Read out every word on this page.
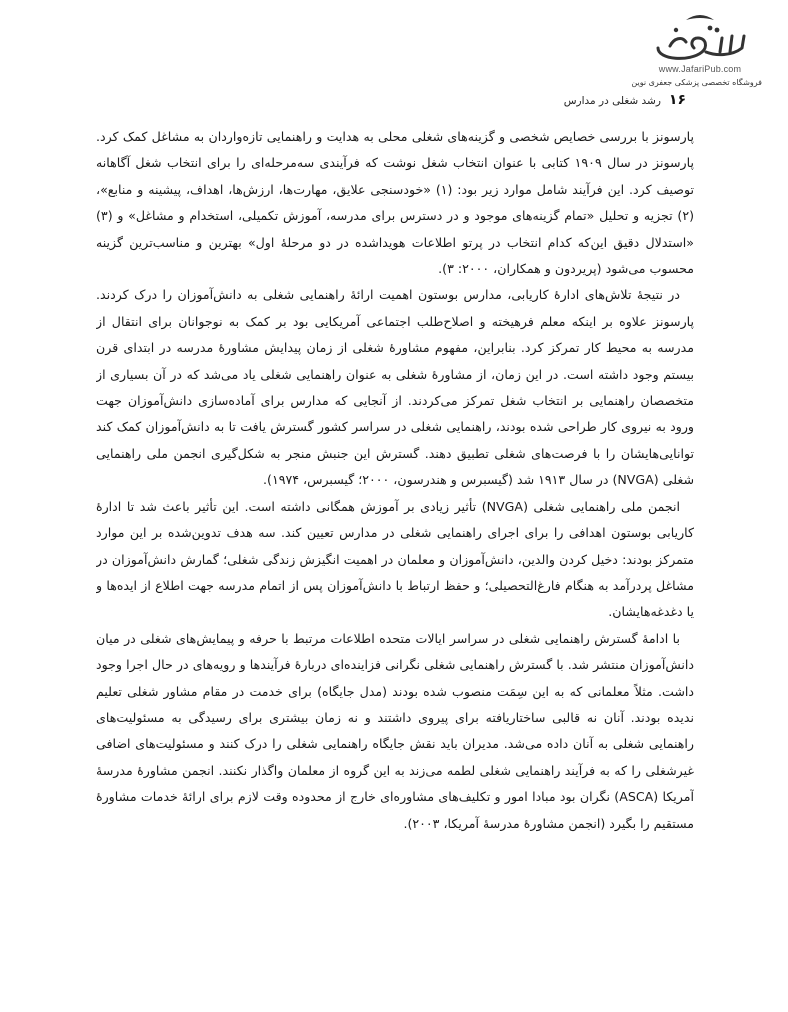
www.JafariPub.com
فروشگاه تخصصی پزشکی جعفری نوین
۱۶
رشد شغلی در مدارس

پارسونز با بررسی خصایص شخصی و گزینه‌های شغلی محلی به هدایت و راهنمایی تازه‌واردان به مشاغل کمک کرد. پارسونز در سال ۱۹۰۹ کتابی با عنوان انتخاب شغل نوشت که فرآیندی سه‌مرحله‌ای را برای انتخاب شغل آگاهانه توصیف کرد. این فرآیند شامل موارد زیر بود: (۱) «خودسنجی علایق، مهارت‌ها، ارزش‌ها، اهداف، پیشینه و منابع»، (۲) تجزیه و تحلیل «تمام گزینه‌های موجود و در دسترس برای مدرسه، آموزش تکمیلی، استخدام و مشاغل» و (۳) «استدلال دقیق این‌که کدام انتخاب در پرتو اطلاعات هویداشده در دو مرحلهٔ اول» بهترین و مناسب‌ترین گزینه محسوب می‌شود (پریردون و همکاران، ۲۰۰۰: ۳).

در نتیجهٔ تلاش‌های ادارهٔ کاریابی، مدارس بوستون اهمیت ارائهٔ راهنمایی شغلی به دانش‌آموزان را درک کردند. پارسونز علاوه بر اینکه معلم فرهیخته و اصلاح‌طلب اجتماعی آمریکایی بود بر کمک به نوجوانان برای انتقال از مدرسه به محیط کار تمرکز کرد. بنابراین، مفهوم مشاورهٔ شغلی از زمان پیدایش مشاورهٔ مدرسه در ابتدای قرن بیستم وجود داشته است. در این زمان، از مشاورهٔ شغلی به عنوان راهنمایی شغلی یاد می‌شد که در آن بسیاری از متخصصان راهنمایی بر انتخاب شغل تمرکز می‌کردند. از آنجایی که مدارس برای آماده‌سازی دانش‌آموزان جهت ورود به نیروی کار طراحی شده بودند، راهنمایی شغلی در سراسر کشور گسترش یافت تا به دانش‌آموزان کمک کند توانایی‌هایشان را با فرصت‌های شغلی تطبیق دهند. گسترش این جنبش منجر به شکل‌گیری انجمن ملی راهنمایی شغلی (NVGA) در سال ۱۹۱۳ شد (گیسبرس و هندرسون، ۲۰۰۰؛ گیسبرس، ۱۹۷۴).

انجمن ملی راهنمایی شغلی (NVGA) تأثیر زیادی بر آموزش همگانی داشته است. این تأثیر باعث شد تا ادارهٔ کاریابی بوستون اهدافی را برای اجرای راهنمایی شغلی در مدارس تعیین کند. سه هدف تدوین‌شده بر این موارد متمرکز بودند: دخیل کردن والدین، دانش‌آموزان و معلمان در اهمیت انگیزش زندگی شغلی؛ گمارش دانش‌آموزان در مشاغل پردرآمد به هنگام فارغ‌التحصیلی؛ و حفظ ارتباط با دانش‌آموزان پس از اتمام مدرسه جهت اطلاع از ایده‌ها و یا دغدغه‌هایشان.

با ادامهٔ گسترش راهنمایی شغلی در سراسر ایالات متحده اطلاعات مرتبط با حرفه و پیمایش‌های شغلی در میان دانش‌آموزان منتشر شد. با گسترش راهنمایی شغلی نگرانی فزاینده‌ای دربارهٔ فرآیندها و رویه‌های در حال اجرا وجود داشت. مثلاً معلمانی که به این سِمَت منصوب شده بودند (مدل جایگاه) برای خدمت در مقام مشاور شغلی تعلیم ندیده بودند. آنان نه قالبی ساختاریافته برای پیروی داشتند و نه زمان بیشتری برای رسیدگی به مسئولیت‌های راهنمایی شغلی به آنان داده می‌شد. مدیران باید نقش جایگاه راهنمایی شغلی را درک کنند و مسئولیت‌های اضافی غیرشغلی را که به فرآیند راهنمایی شغلی لطمه می‌زند به این گروه از معلمان واگذار نکنند. انجمن مشاورهٔ مدرسهٔ آمریکا (ASCA) نگران بود مبادا امور و تکلیف‌های مشاوره‌ای خارج از محدوده وقت لازم برای ارائهٔ خدمات مشاورهٔ مستقیم را بگیرد (انجمن مشاورهٔ مدرسهٔ آمریکا، ۲۰۰۳).
